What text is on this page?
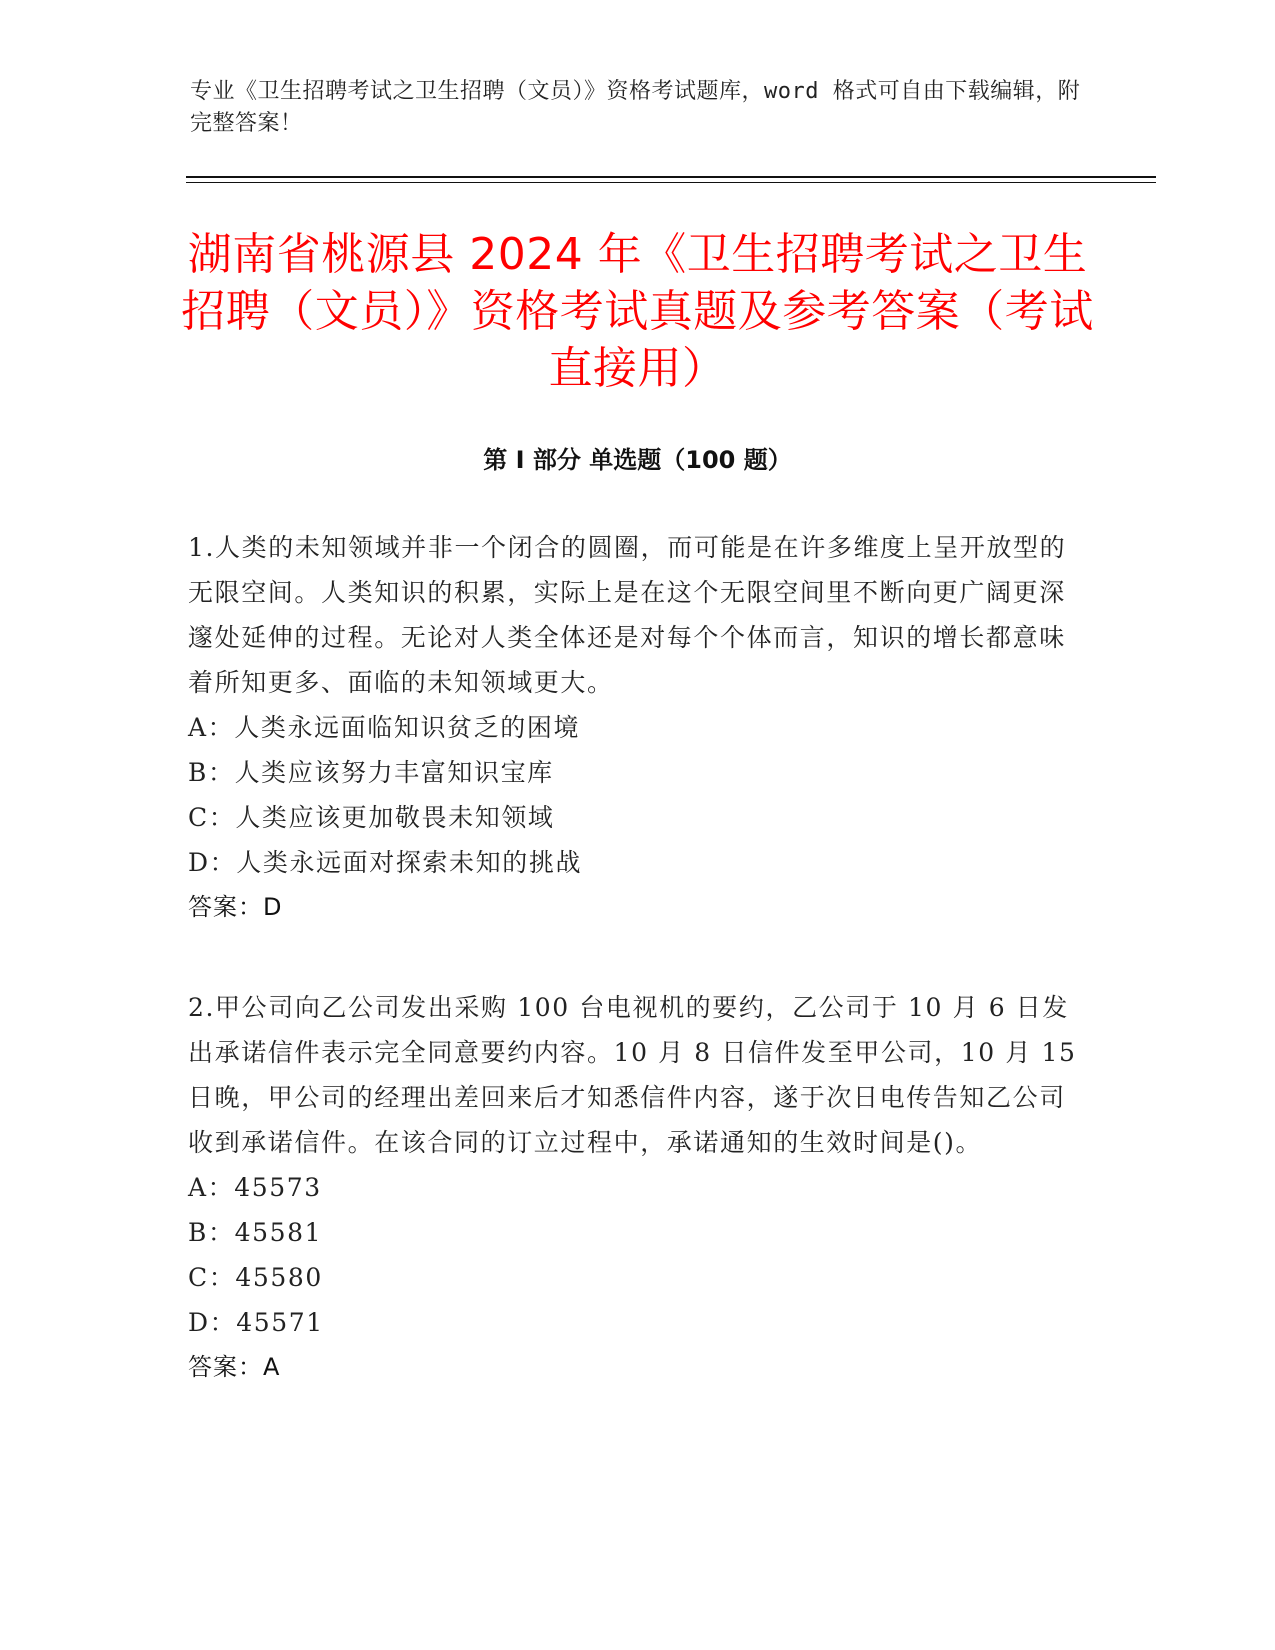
专业《卫生招聘考试之卫生招聘（文员）》资格考试题库，word 格式可自由下载编辑，附完整答案！
湖南省桃源县 2024 年《卫生招聘考试之卫生招聘（文员）》资格考试真题及参考答案（考试直接用）
第 I 部分 单选题（100 题）
1.人类的未知领域并非一个闭合的圆圈，而可能是在许多维度上呈开放型的无限空间。人类知识的积累，实际上是在这个无限空间里不断向更广阔更深邃处延伸的过程。无论对人类全体还是对每个个体而言，知识的增长都意味着所知更多、面临的未知领域更大。
A：人类永远面临知识贫乏的困境
B：人类应该努力丰富知识宝库
C：人类应该更加敬畏未知领域
D：人类永远面对探索未知的挑战
答案：D
2.甲公司向乙公司发出采购 100 台电视机的要约，乙公司于 10 月 6 日发出承诺信件表示完全同意要约内容。10 月 8 日信件发至甲公司，10 月 15 日晚，甲公司的经理出差回来后才知悉信件内容，遂于次日电传告知乙公司收到承诺信件。在该合同的订立过程中，承诺通知的生效时间是()。
A：45573
B：45581
C：45580
D：45571
答案：A
